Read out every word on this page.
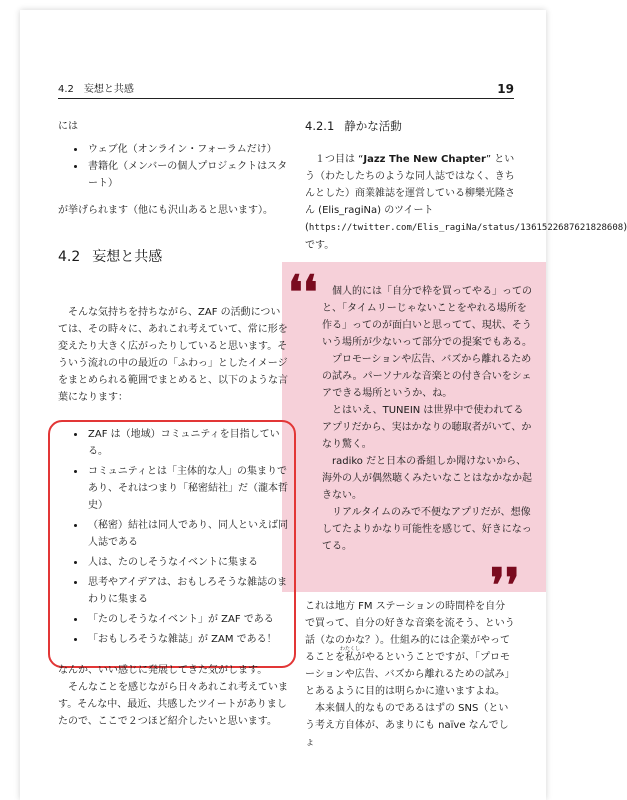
4.2　妄想と共感	19
❛❛
❜❜

には

• ウェブ化（オンライン・フォーラムだけ）
• 書籍化（メンバーの個人プロジェクトはスタート）

が挙げられます（他にも沢山あると思います）。

4.2 妄想と共感

そんな気持ちを持ちながら、ZAF の活動については、その時々に、あれこれ考えていて、常に形を変えたり大きく広がったりしていると思います。そういう流れの中の最近の「ふわっ」としたイメージをまとめられる範囲でまとめると、以下のような言葉になります：

• ZAF は（地域）コミュニティを目指している。
• コミュニティとは「主体的な人」の集まりであり、それはつまり「秘密結社」だ（瀧本哲史）
• （秘密）結社は同人であり、同人といえば同人誌である
• 人は、たのしそうなイベントに集まる
• 思考やアイデアは、おもしろそうな雑誌のまわりに集まる
• 「たのしそうなイベント」が ZAF である
• 「おもしろそうな雑誌」が ZAM である！

なんか、いい感じに発展してきた気がします。

そんなことを感じながら日々あれこれ考えています。そんな中、最近、共感したツイートがありましたので、ここで２つほど紹介したいと思います。

4.2.1 静かな活動

１つ目は “Jazz The New Chapter” という（わたしたちのような同人誌ではなく、きちんとした）商業雑誌を運営している柳樂光隆さん (Elis_ragiNa) のツイート (https://twitter.com/Elis_ragiNa/status/1361522687621828608) です。

個人的には「自分で枠を買ってやる」ってのと、「タイムリーじゃないことをやれる場所を作る」ってのが面白いと思ってて、現状、そういう場所が少ないって部分での提案でもある。

プロモーションや広告、バズから離れるための試み。パーソナルな音楽との付き合いをシェアできる場所というか、ね。

とはいえ、TUNEIN は世界中で使われてるアプリだから、実はかなりの聴取者がいて、かなり驚く。

radiko だと日本の番組しか聞けないから、海外の人が偶然聴くみたいなことはなかなか起きない。

リアルタイムのみで不便なアプリだが、想像してたよりかなり可能性を感じて、好きになってる。

これは地方 FM ステーションの時間枠を自分で買って、自分の好きな音楽を流そう、という話（なのかな？）。仕組み的には企業がやってることを
わたくし
私がやるということですが、「プロモーションや広告、バズから離れるための試み」とあるように目的は明らかに違いますよね。

本来個人的なものであるはずの SNS（という考え方自体が、あまりにも naïve なんでしょ
